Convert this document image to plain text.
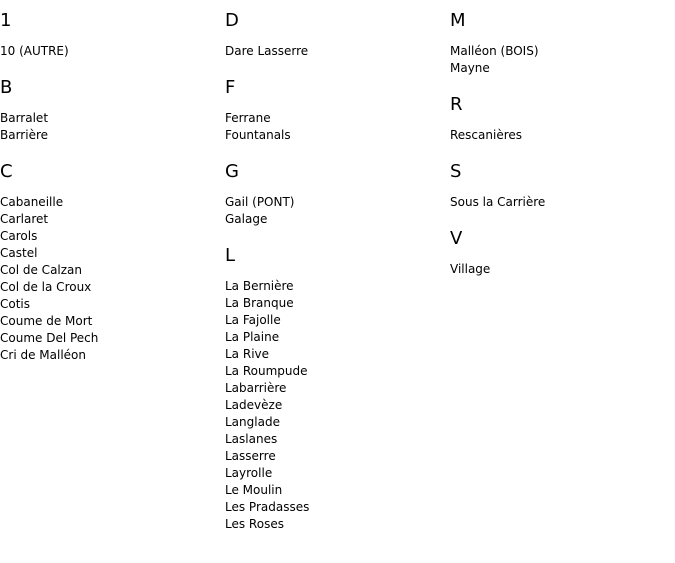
1
10 (AUTRE)
B
Barralet
Barrière
C
Cabaneille
Carlaret
Carols
Castel
Col de Calzan
Col de la Croux
Cotis
Coume de Mort
Coume Del Pech
Cri de Malléon
D
Dare Lasserre
F
Ferrane
Fountanals
G
Gail (PONT)
Galage
L
La Bernière
La Branque
La Fajolle
La Plaine
La Rive
La Roumpude
Labarrière
Ladevèze
Langlade
Laslanes
Lasserre
Layrolle
Le Moulin
Les Pradasses
Les Roses
M
Malléon (BOIS)
Mayne
R
Rescanières
S
Sous la Carrière
V
Village
